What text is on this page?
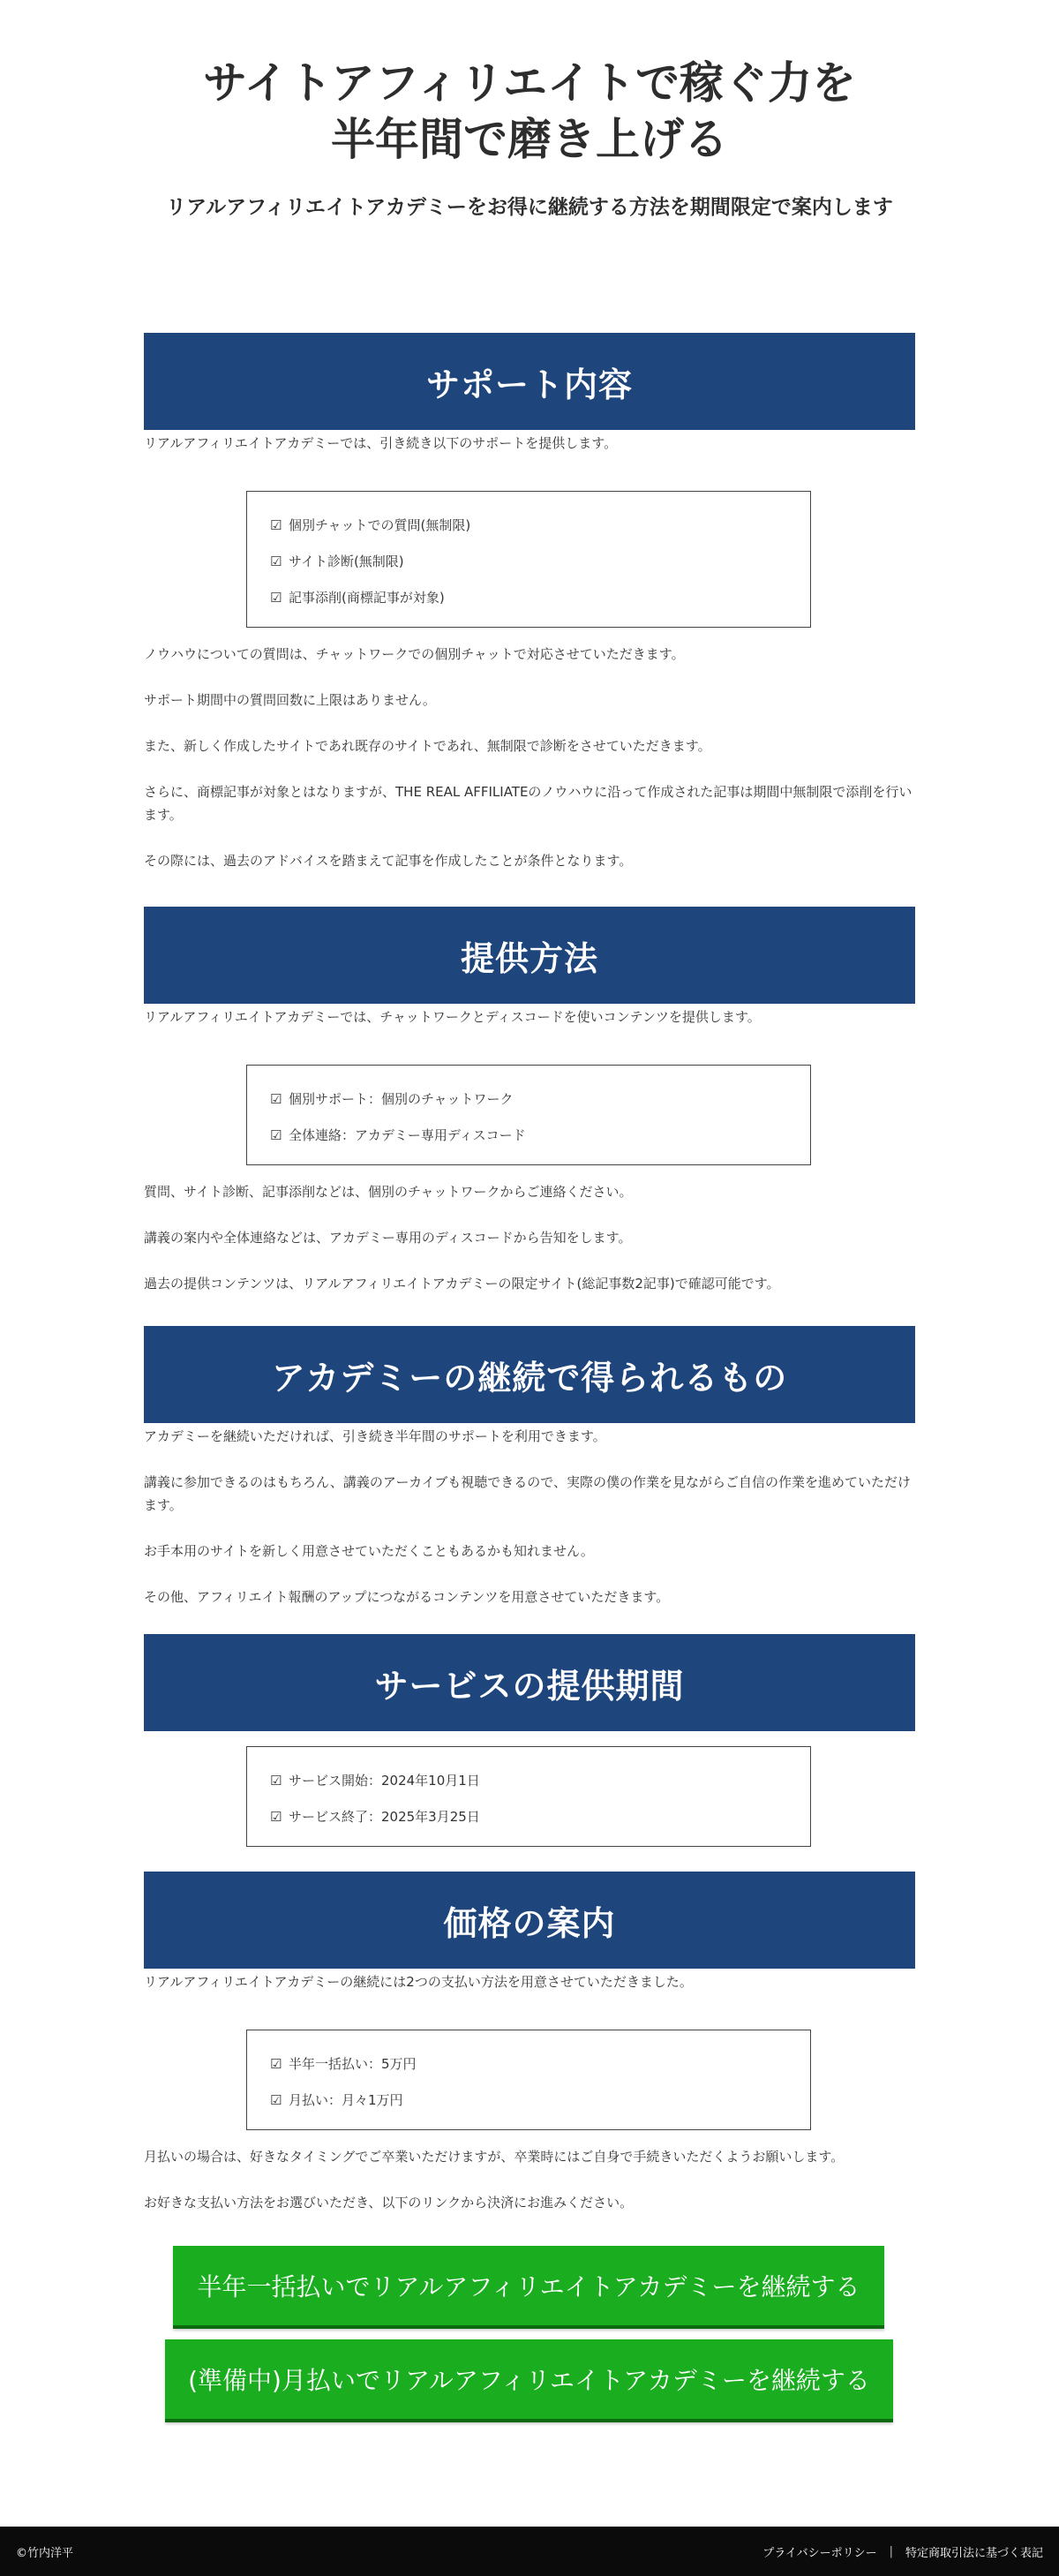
サイトアフィリエイトで稼ぐ力を
半年間で磨き上げる

リアルアフィリエイトアカデミーをお得に継続する方法を期間限定で案内します

サポート内容

リアルアフィリエイトアカデミーでは、引き続き以下のサポートを提供します。

☑ 個別チャットでの質問(無制限)
☑ サイト診断(無制限)
☑ 記事添削(商標記事が対象)

ノウハウについての質問は、チャットワークでの個別チャットで対応させていただきます。

サポート期間中の質問回数に上限はありません。

また、新しく作成したサイトであれ既存のサイトであれ、無制限で診断をさせていただきます。

さらに、商標記事が対象とはなりますが、THE REAL AFFILIATEのノウハウに沿って作成された記事は期間中無制限で添削を行います。

その際には、過去のアドバイスを踏まえて記事を作成したことが条件となります。

提供方法

リアルアフィリエイトアカデミーでは、チャットワークとディスコードを使いコンテンツを提供します。

☑ 個別サポート：個別のチャットワーク
☑ 全体連絡：アカデミー専用ディスコード

質問、サイト診断、記事添削などは、個別のチャットワークからご連絡ください。

講義の案内や全体連絡などは、アカデミー専用のディスコードから告知をします。

過去の提供コンテンツは、リアルアフィリエイトアカデミーの限定サイト(総記事数2記事)で確認可能です。

アカデミーの継続で得られるもの

アカデミーを継続いただければ、引き続き半年間のサポートを利用できます。

講義に参加できるのはもちろん、講義のアーカイブも視聴できるので、実際の僕の作業を見ながらご自信の作業を進めていただけます。

お手本用のサイトを新しく用意させていただくこともあるかも知れません。

その他、アフィリエイト報酬のアップにつながるコンテンツを用意させていただきます。

サービスの提供期間
☑ サービス開始：2024年10月1日
☑ サービス終了：2025年3月25日
価格の案内

リアルアフィリエイトアカデミーの継続には2つの支払い方法を用意させていただきました。

☑ 半年一括払い：5万円
☑ 月払い：月々1万円

月払いの場合は、好きなタイミングでご卒業いただけますが、卒業時にはご自身で手続きいただくようお願いします。

お好きな支払い方法をお選びいただき、以下のリンクから決済にお進みください。

半年一括払いでリアルアフィリエイトアカデミーを継続する
(準備中)月払いでリアルアフィリエイトアカデミーを継続する
©竹内洋平	プライバシーポリシー | 特定商取引法に基づく表記
